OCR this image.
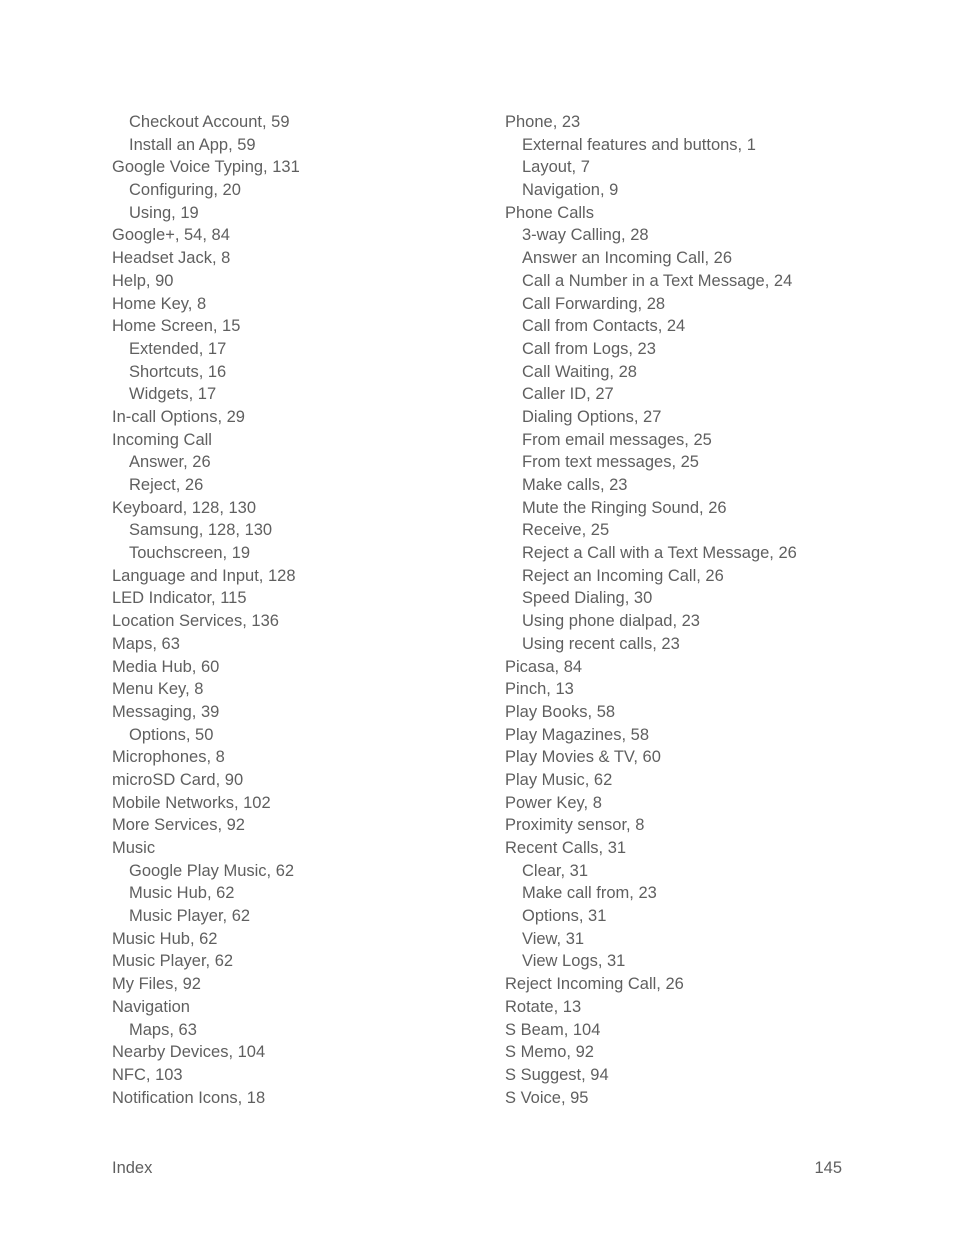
Checkout Account, 59
Install an App, 59
Google Voice Typing, 131
Configuring, 20
Using, 19
Google+, 54, 84
Headset Jack, 8
Help, 90
Home Key, 8
Home Screen, 15
Extended, 17
Shortcuts, 16
Widgets, 17
In-call Options, 29
Incoming Call
Answer, 26
Reject, 26
Keyboard, 128, 130
Samsung, 128, 130
Touchscreen, 19
Language and Input, 128
LED Indicator, 115
Location Services, 136
Maps, 63
Media Hub, 60
Menu Key, 8
Messaging, 39
Options, 50
Microphones, 8
microSD Card, 90
Mobile Networks, 102
More Services, 92
Music
Google Play Music, 62
Music Hub, 62
Music Player, 62
Music Hub, 62
Music Player, 62
My Files, 92
Navigation
Maps, 63
Nearby Devices, 104
NFC, 103
Notification Icons, 18
Phone, 23
External features and buttons, 1
Layout, 7
Navigation, 9
Phone Calls
3-way Calling, 28
Answer an Incoming Call, 26
Call a Number in a Text Message, 24
Call Forwarding, 28
Call from Contacts, 24
Call from Logs, 23
Call Waiting, 28
Caller ID, 27
Dialing Options, 27
From email messages, 25
From text messages, 25
Make calls, 23
Mute the Ringing Sound, 26
Receive, 25
Reject a Call with a Text Message, 26
Reject an Incoming Call, 26
Speed Dialing, 30
Using phone dialpad, 23
Using recent calls, 23
Picasa, 84
Pinch, 13
Play Books, 58
Play Magazines, 58
Play Movies & TV, 60
Play Music, 62
Power Key, 8
Proximity sensor, 8
Recent Calls, 31
Clear, 31
Make call from, 23
Options, 31
View, 31
View Logs, 31
Reject Incoming Call, 26
Rotate, 13
S Beam, 104
S Memo, 92
S Suggest, 94
S Voice, 95
Index	145
